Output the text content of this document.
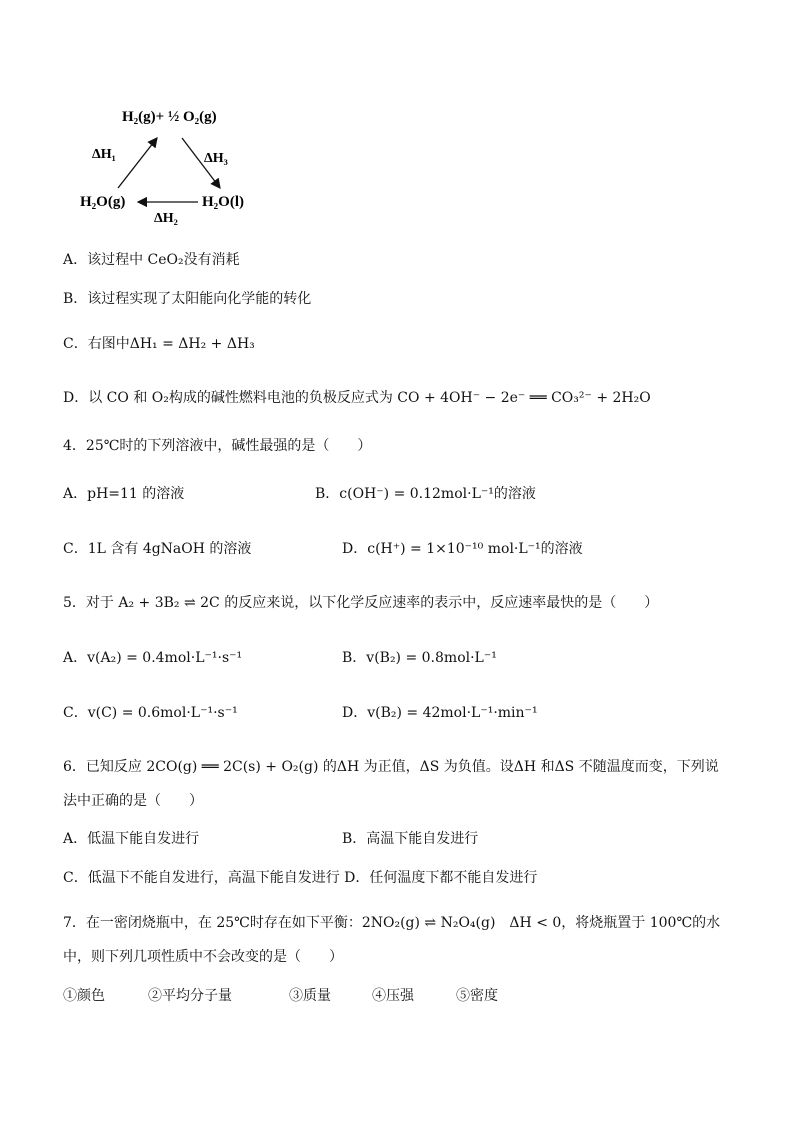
H₂(g)+ ½ O₂(g)
H₂O(g)	H₂O(l)
ΔH₁	ΔH₃
ΔH₂
A．该过程中 CeO₂没有消耗
B．该过程实现了太阳能向化学能的转化
C．右图中ΔH₁ = ΔH₂ + ΔH₃
D．以 CO 和 O₂构成的碱性燃料电池的负极反应式为 CO + 4OH⁻ − 2e⁻ ══ CO₃²⁻ + 2H₂O
4．25℃时的下列溶液中，碱性最强的是（　　）
A．pH=11 的溶液	B．c(OH⁻) = 0.12mol·L⁻¹的溶液
C．1L 含有 4gNaOH 的溶液	D．c(H⁺) = 1×10⁻¹⁰ mol·L⁻¹的溶液
5．对于 A₂ + 3B₂ ⇌ 2C 的反应来说，以下化学反应速率的表示中，反应速率最快的是（　　）
A．v(A₂) = 0.4mol·L⁻¹·s⁻¹	B．v(B₂) = 0.8mol·L⁻¹
C．v(C) = 0.6mol·L⁻¹·s⁻¹	D．v(B₂) = 42mol·L⁻¹·min⁻¹
6．已知反应 2CO(g) ══ 2C(s) + O₂(g) 的ΔH 为正值，ΔS 为负值。设ΔH 和ΔS 不随温度而变，下列说
法中正确的是（　　）
A．低温下能自发进行	B．高温下能自发进行
C．低温下不能自发进行，高温下能自发进行 D．任何温度下都不能自发进行
7．在一密闭烧瓶中，在 25℃时存在如下平衡：2NO₂(g) ⇌ N₂O₄(g)　ΔH < 0，将烧瓶置于 100℃的水
中，则下列几项性质中不会改变的是（　　）
①颜色	②平均分子量	③质量	④压强	⑤密度
